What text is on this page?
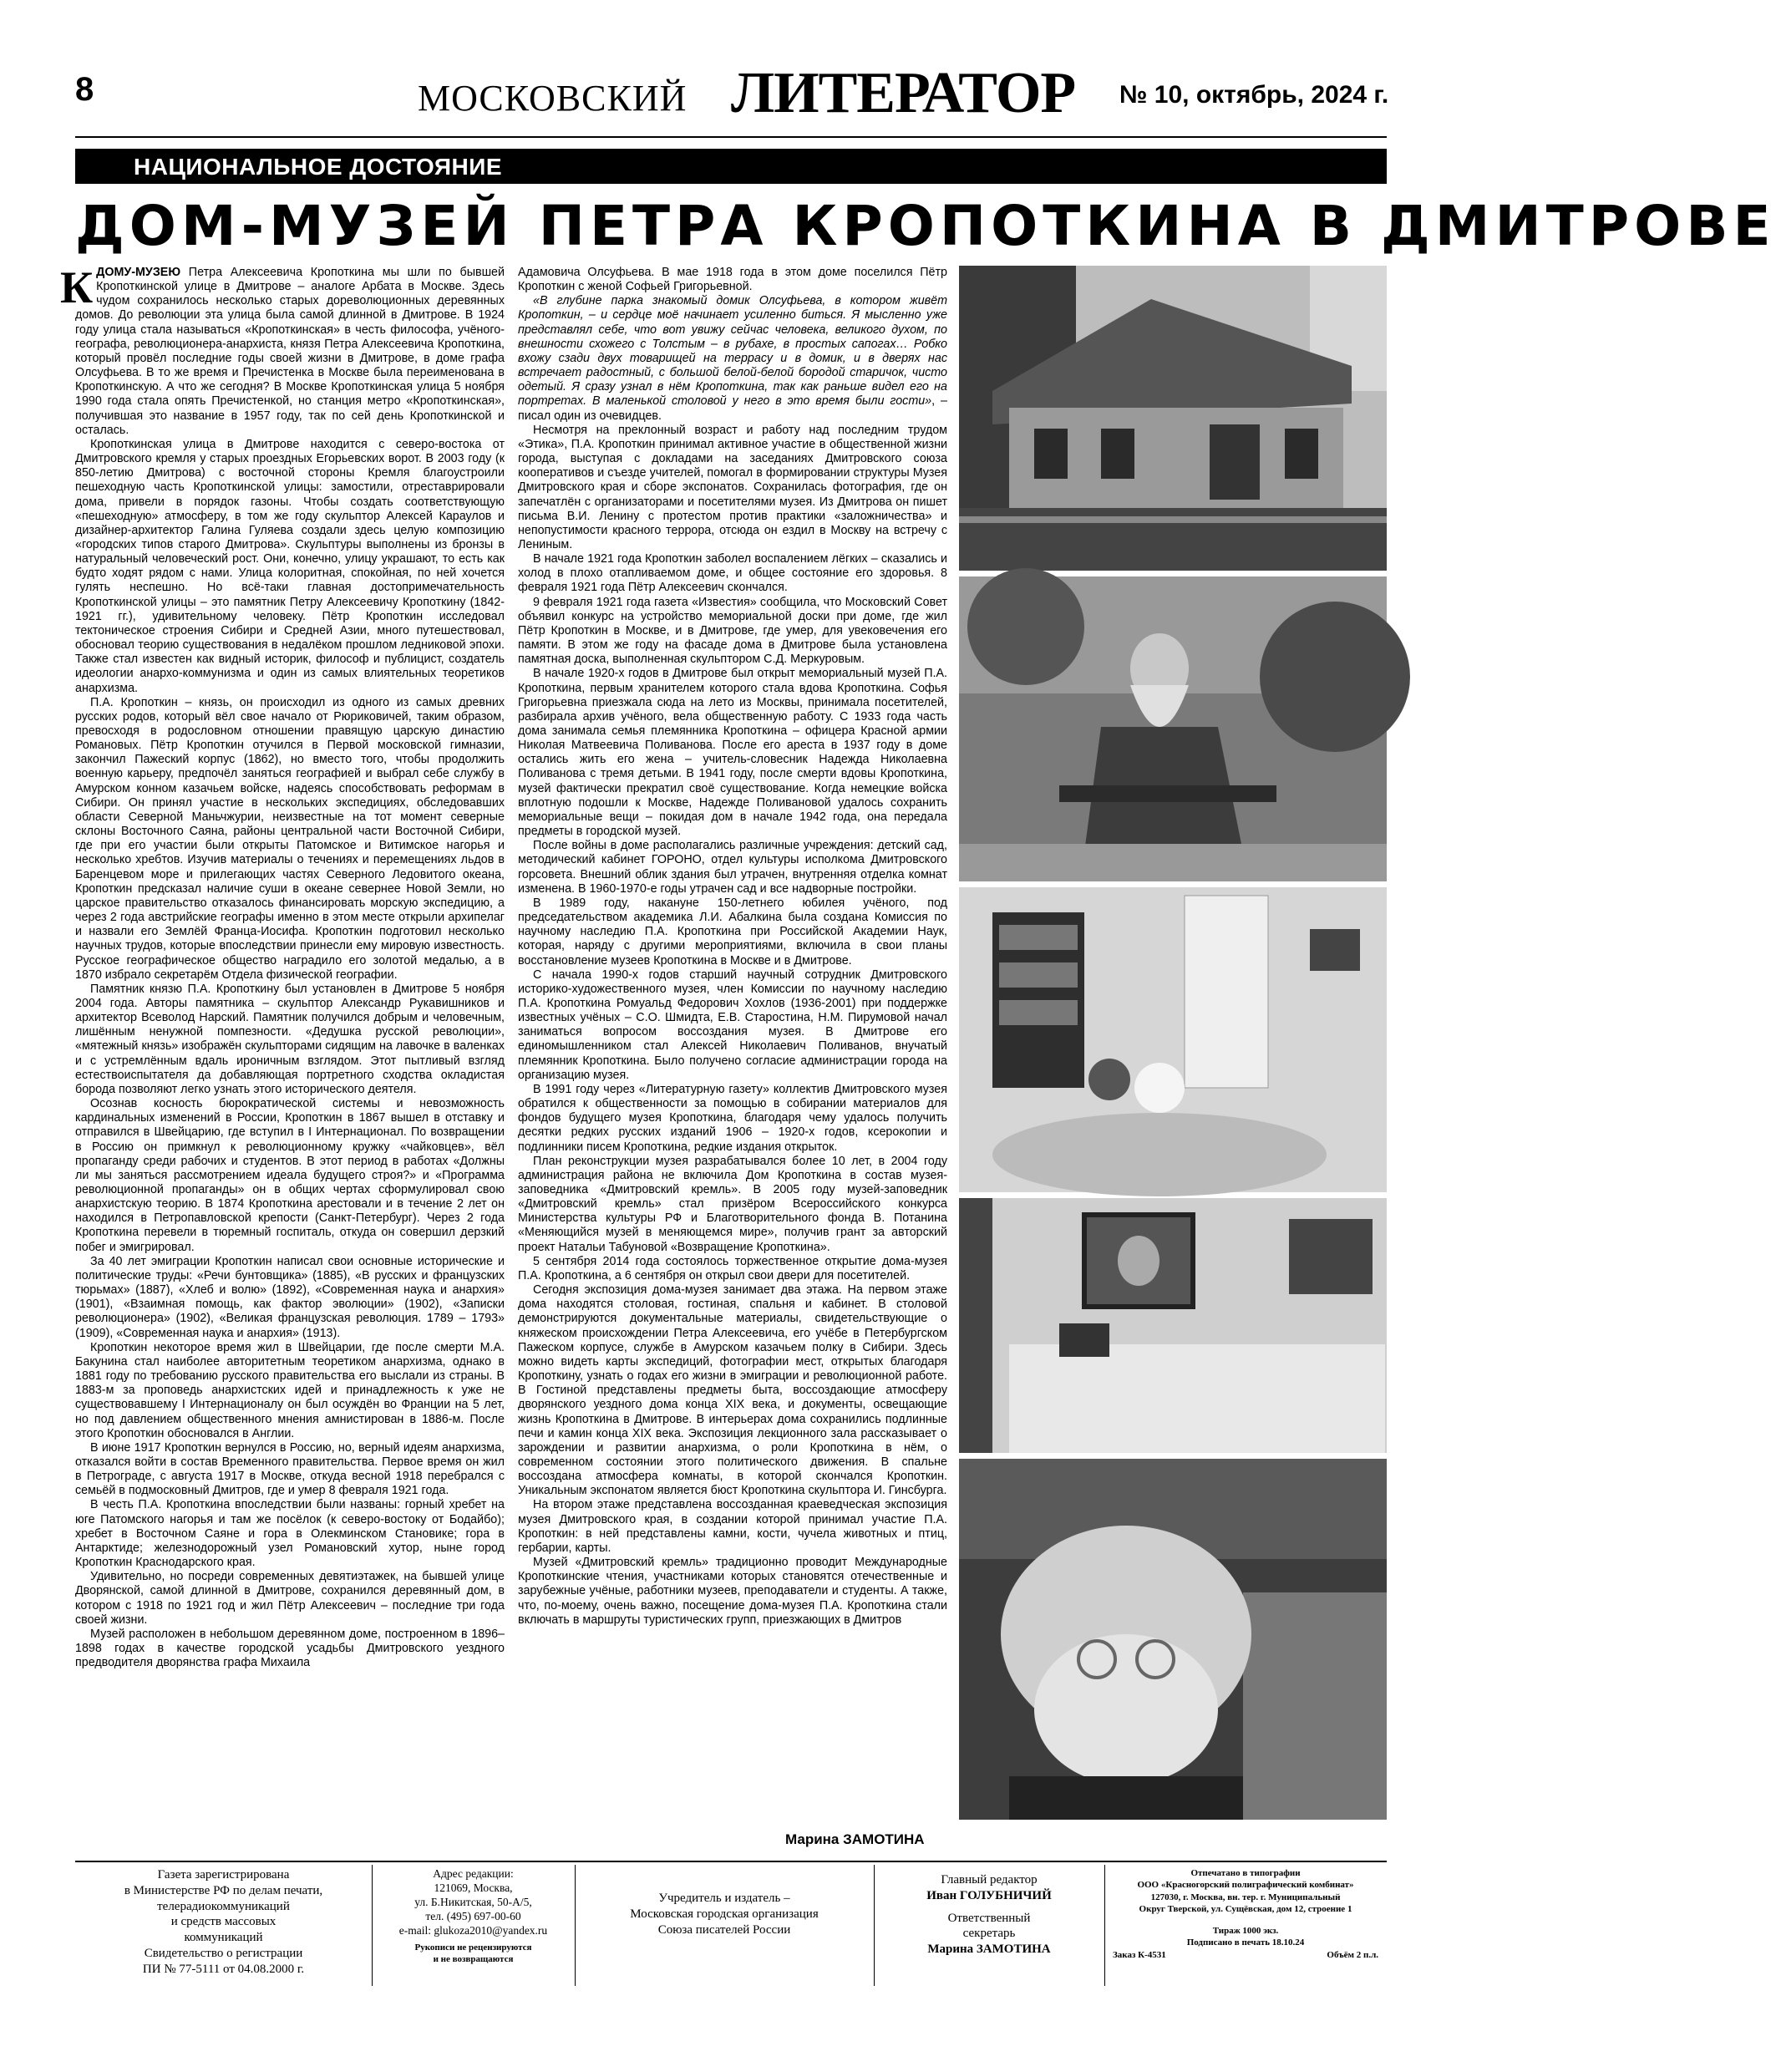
8	МОСКОВСКИЙ ЛИТЕРАТОР № 10, октябрь, 2024 г.
НАЦИОНАЛЬНОЕ ДОСТОЯНИЕ
ДОМ-МУЗЕЙ ПЕТРА КРОПОТКИНА В ДМИТРОВЕ

КДОМУ-МУЗЕЮ Петра Алексеевича Кропоткина мы шли по бывшей Кропоткинской улице в Дмитрове – аналоге Арбата в Москве. Здесь чудом сохранилось несколько старых дореволюционных деревянных домов. До революции эта улица была самой длинной в Дмитрове. В 1924 году улица стала называться «Кропоткинская» в честь философа, учёного-географа, революционера-анархиста, князя Петра Алексеевича Кропоткина, который провёл последние годы своей жизни в Дмитрове, в доме графа Олсуфьева. В то же время и Пречистенка в Москве была переименована в Кропоткинскую. А что же сегодня? В Москве Кропоткинская улица 5 ноября 1990 года стала опять Пречистенкой, но станция метро «Кропоткинская», получившая это название в 1957 году, так по сей день Кропоткинской и осталась.

Кропоткинская улица в Дмитрове находится с северо-востока от Дмитровского кремля у старых проездных Егорьевских ворот. В 2003 году (к 850-летию Дмитрова) с восточной стороны Кремля благоустроили пешеходную часть Кропоткинской улицы: замостили, отреставрировали дома, привели в порядок газоны. Чтобы создать соответствующую «пешеходную» атмосферу, в том же году скульптор Алексей Караулов и дизайнер-архитектор Галина Гуляева создали здесь целую композицию «городских типов старого Дмитрова». Скульптуры выполнены из бронзы в натуральный человеческий рост. Они, конечно, улицу украшают, то есть как будто ходят рядом с нами. Улица колоритная, спокойная, по ней хочется гулять неспешно. Но всё-таки главная достопримечательность Кропоткинской улицы – это памятник Петру Алексеевичу Кропоткину (1842-1921 гг.), удивительному человеку. Пётр Кропоткин исследовал тектоническое строения Сибири и Средней Азии, много путешествовал, обосновал теорию существования в недалёком прошлом ледниковой эпохи. Также стал известен как видный историк, философ и публицист, создатель идеологии анархо-коммунизма и один из самых влиятельных теоретиков анархизма.

П.А. Кропоткин – князь, он происходил из одного из самых древних русских родов, который вёл свое начало от Рюриковичей, таким образом, превосходя в родословном отношении правящую царскую династию Романовых. Пётр Кропоткин отучился в Первой московской гимназии, закончил Пажеский корпус (1862), но вместо того, чтобы продолжить военную карьеру, предпочёл заняться географией и выбрал себе службу в Амурском конном казачьем войске, надеясь способствовать реформам в Сибири. Он принял участие в нескольких экспедициях, обследовавших области Северной Маньчжурии, неизвестные на тот момент северные склоны Восточного Саяна, районы центральной части Восточной Сибири, где при его участии были открыты Патомское и Витимское нагорья и несколько хребтов. Изучив материалы о течениях и перемещениях льдов в Баренцевом море и прилегающих частях Северного Ледовитого океана, Кропоткин предсказал наличие суши в океане севернее Новой Земли, но царское правительство отказалось финансировать морскую экспедицию, а через 2 года австрийские географы именно в этом месте открыли архипелаг и назвали его Землёй Франца-Иосифа. Кропоткин подготовил несколько научных трудов, которые впоследствии принесли ему мировую известность. Русское географическое общество наградило его золотой медалью, а в 1870 избрало секретарём Отдела физической географии.

Памятник князю П.А. Кропоткину был установлен в Дмитрове 5 ноября 2004 года. Авторы памятника – скульптор Александр Рукавишников и архитектор Всеволод Нарский. Памятник получился добрым и человечным, лишённым ненужной помпезности. «Дедушка русской революции», «мятежный князь» изображён скульпторами сидящим на лавочке в валенках и с устремлённым вдаль ироничным взглядом. Этот пытливый взгляд естествоиспытателя да добавляющая портретного сходства окладистая борода позволяют легко узнать этого исторического деятеля.

Осознав косность бюрократической системы и невозможность кардинальных изменений в России, Кропоткин в 1867 вышел в отставку и отправился в Швейцарию, где вступил в I Интернационал. По возвращении в Россию он примкнул к революционному кружку «чайковцев», вёл пропаганду среди рабочих и студентов. В этот период в работах «Должны ли мы заняться рассмотрением идеала будущего строя?» и «Программа революционной пропаганды» он в общих чертах сформулировал свою анархистскую теорию. В 1874 Кропоткина арестовали и в течение 2 лет он находился в Петропавловской крепости (Санкт-Петербург). Через 2 года Кропоткина перевели в тюремный госпиталь, откуда он совершил дерзкий побег и эмигрировал.

За 40 лет эмиграции Кропоткин написал свои основные исторические и политические труды: «Речи бунтовщика» (1885), «В русских и французских тюрьмах» (1887), «Хлеб и волю» (1892), «Современная наука и анархия» (1901), «Взаимная помощь, как фактор эволюции» (1902), «Записки революционера» (1902), «Великая французская революция. 1789 – 1793» (1909), «Современная наука и анархия» (1913).

Кропоткин некоторое время жил в Швейцарии, где после смерти М.А. Бакунина стал наиболее авторитетным теоретиком анархизма, однако в 1881 году по требованию русского правительства его выслали из страны. В 1883-м за проповедь анархистских идей и принадлежность к уже не существовавшему I Интернационалу он был осуждён во Франции на 5 лет, но под давлением общественного мнения амнистирован в 1886-м. После этого Кропоткин обосновался в Англии.

В июне 1917 Кропоткин вернулся в Россию, но, верный идеям анархизма, отказался войти в состав Временного правительства. Первое время он жил в Петрограде, с августа 1917 в Москве, откуда весной 1918 перебрался с семьёй в подмосковный Дмитров, где и умер 8 февраля 1921 года.

В честь П.А. Кропоткина впоследствии были названы: горный хребет на юге Патомского нагорья и там же посёлок (к северо-востоку от Бодайбо); хребет в Восточном Саяне и гора в Олекминском Становике; гора в Антарктиде; железнодорожный узел Романовский хутор, ныне город Кропоткин Краснодарского края.

Удивительно, но посреди современных девятиэтажек, на бывшей улице Дворянской, самой длинной в Дмитрове, сохранился деревянный дом, в котором с 1918 по 1921 год и жил Пётр Алексеевич – последние три года своей жизни.

Музей расположен в небольшом деревянном доме, построенном в 1896–1898 годах в качестве городской усадьбы Дмитровского уездного предводителя дворянства графа Михаила

Адамовича Олсуфьева. В мае 1918 года в этом доме поселился Пётр Кропоткин с женой Софьей Григорьевной.

«В глубине парка знакомый домик Олсуфьева, в котором живёт Кропоткин, – и сердце моё начинает усиленно биться. Я мысленно уже представлял себе, что вот увижу сейчас человека, великого духом, по внешности схожего с Толстым – в рубахе, в простых сапогах… Робко вхожу сзади двух товарищей на террасу и в домик, и в дверях нас встречает радостный, с большой белой-белой бородой старичок, чисто одетый. Я сразу узнал в нём Кропоткина, так как раньше видел его на портретах. В маленькой столовой у него в это время были гости», – писал один из очевидцев.

Несмотря на преклонный возраст и работу над последним трудом «Этика», П.А. Кропоткин принимал активное участие в общественной жизни города, выступая с докладами на заседаниях Дмитровского союза кооперативов и съезде учителей, помогал в формировании структуры Музея Дмитровского края и сборе экспонатов. Сохранилась фотография, где он запечатлён с организаторами и посетителями музея. Из Дмитрова он пишет письма В.И. Ленину с протестом против практики «заложничества» и непопустимости красного террора, отсюда он ездил в Москву на встречу с Лениным.

В начале 1921 года Кропоткин заболел воспалением лёгких – сказались и холод в плохо отапливаемом доме, и общее состояние его здоровья. 8 февраля 1921 года Пётр Алексеевич скончался.

9 февраля 1921 года газета «Известия» сообщила, что Московский Совет объявил конкурс на устройство мемориальной доски при доме, где жил Пётр Кропоткин в Москве, и в Дмитрове, где умер, для увековечения его памяти. В этом же году на фасаде дома в Дмитрове была установлена памятная доска, выполненная скульптором С.Д. Меркуровым.

В начале 1920-х годов в Дмитрове был открыт мемориальный музей П.А. Кропоткина, первым хранителем которого стала вдова Кропоткина. Софья Григорьевна приезжала сюда на лето из Москвы, принимала посетителей, разбирала архив учёного, вела общественную работу. С 1933 года часть дома занимала семья племянника Кропоткина – офицера Красной армии Николая Матвеевича Поливанова. После его ареста в 1937 году в доме остались жить его жена – учитель-словесник Надежда Николаевна Поливанова с тремя детьми. В 1941 году, после смерти вдовы Кропоткина, музей фактически прекратил своё существование. Когда немецкие войска вплотную подошли к Москве, Надежде Поливановой удалось сохранить мемориальные вещи – покидая дом в начале 1942 года, она передала предметы в городской музей.

После войны в доме располагались различные учреждения: детский сад, методический кабинет ГОРОНО, отдел культуры исполкома Дмитровского горсовета. Внешний облик здания был утрачен, внутренняя отделка комнат изменена. В 1960-1970-е годы утрачен сад и все надворные постройки.

В 1989 году, накануне 150-летнего юбилея учёного, под председательством академика Л.И. Абалкина была создана Комиссия по научному наследию П.А. Кропоткина при Российской Академии Наук, которая, наряду с другими мероприятиями, включила в свои планы восстановление музеев Кропоткина в Москве и в Дмитрове.

С начала 1990-х годов старший научный сотрудник Дмитровского историко-художественного музея, член Комиссии по научному наследию П.А. Кропоткина Ромуальд Федорович Хохлов (1936-2001) при поддержке известных учёных – С.О. Шмидта, Е.В. Старостина, Н.М. Пирумовой начал заниматься вопросом воссоздания музея. В Дмитрове его единомышленником стал Алексей Николаевич Поливанов, внучатый племянник Кропоткина. Было получено согласие администрации города на организацию музея.

В 1991 году через «Литературную газету» коллектив Дмитровского музея обратился к общественности за помощью в собирании материалов для фондов будущего музея Кропоткина, благодаря чему удалось получить десятки редких русских изданий 1906 – 1920-х годов, ксерокопии и подлинники писем Кропоткина, редкие издания открыток.

План реконструкции музея разрабатывался более 10 лет, в 2004 году администрация района не включила Дом Кропоткина в состав музея-заповедника «Дмитровский кремль». В 2005 году музей-заповедник «Дмитровский кремль» стал призёром Всероссийского конкурса Министерства культуры РФ и Благотворительного фонда В. Потанина «Меняющийся музей в меняющемся мире», получив грант за авторский проект Натальи Табуновой «Возвращение Кропоткина».

5 сентября 2014 года состоялось торжественное открытие дома-музея П.А. Кропоткина, а 6 сентября он открыл свои двери для посетителей.

Сегодня экспозиция дома-музея занимает два этажа. На первом этаже дома находятся столовая, гостиная, спальня и кабинет. В столовой демонстрируются документальные материалы, свидетельствующие о княжеском происхождении Петра Алексеевича, его учёбе в Петербургском Пажеском корпусе, службе в Амурском казачьем полку в Сибири. Здесь можно видеть карты экспедиций, фотографии мест, открытых благодаря Кропоткину, узнать о годах его жизни в эмиграции и революционной работе. В Гостиной представлены предметы быта, воссоздающие атмосферу дворянского уездного дома конца XIX века, и документы, освещающие жизнь Кропоткина в Дмитрове. В интерьерах дома сохранились подлинные печи и камин конца XIX века. Экспозиция лекционного зала рассказывает о зарождении и развитии анархизма, о роли Кропоткина в нём, о современном состоянии этого политического движения. В спальне воссоздана атмосфера комнаты, в которой скончался Кропоткин. Уникальным экспонатом является бюст Кропоткина скульптора И. Гинсбурга.

На втором этаже представлена воссозданная краеведческая экспозиция музея Дмитровского края, в создании которой принимал участие П.А. Кропоткин: в ней представлены камни, кости, чучела животных и птиц, гербарии, карты.

Музей «Дмитровский кремль» традиционно проводит Международные Кропоткинские чтения, участниками которых становятся отечественные и зарубежные учёные, работники музеев, преподаватели и студенты. А также, что, по-моему, очень важно, посещение дома-музея П.А. Кропоткина стали включать в маршруты туристических групп, приезжающих в Дмитров

Марина ЗАМОТИНА
Газета зарегистрирована
в Министерстве РФ по делам печати,
телерадиокоммуникаций
и средств массовых
коммуникаций
Свидетельство о регистрации
ПИ № 77-5111 от 04.08.2000 г.
Адрес редакции:
121069, Москва,
ул. Б.Никитская, 50-А/5,
тел. (495) 697-00-60
e-mail: glukoza2010@yandex.ru
Рукописи не рецензируются
и не возвращаются
Учредитель и издатель –
Московская городская организация
Союза писателей России
Главный редактор
Иван ГОЛУБНИЧИЙ
Ответственный
секретарь
Марина ЗАМОТИНА
Отпечатано в типографии
ООО «Красногорский полиграфический комбинат»
127030, г. Москва, вн. тер. г. Муниципальный
Округ Тверской, ул. Сущёвская, дом 12, строение 1
Тираж 1000 экз.
Подписано в печать 18.10.24
Заказ К-4531	Объём 2 п.л.
